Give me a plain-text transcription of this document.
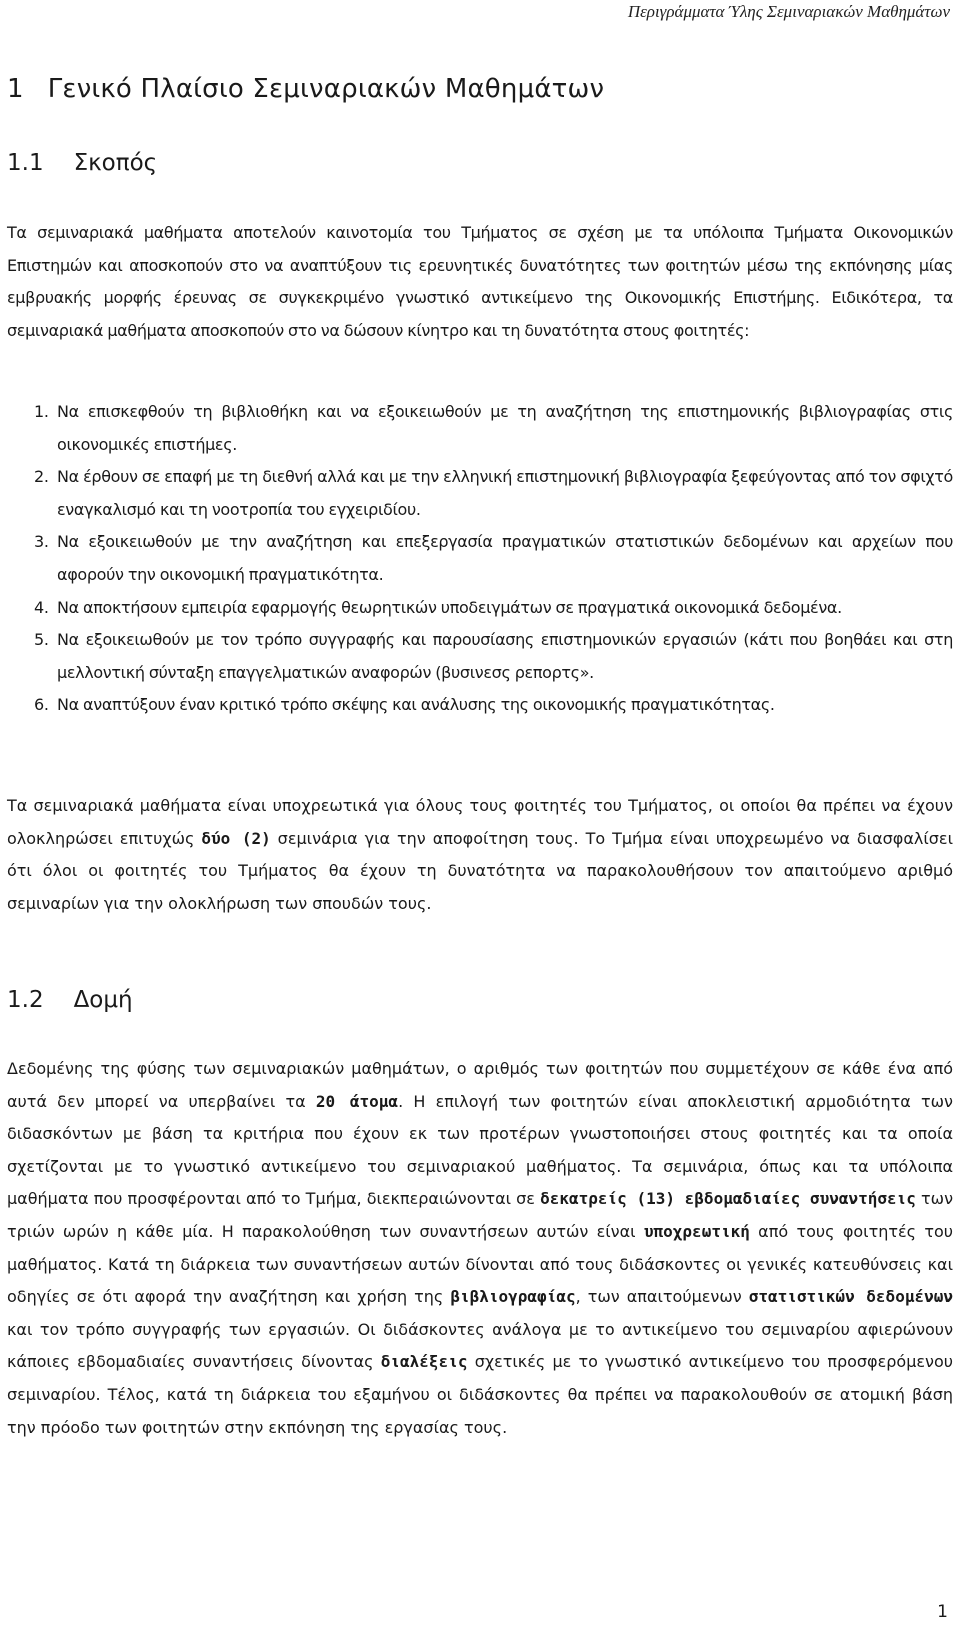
Περιγράμματα Ύλης Σεμιναριακών Μαθημάτων
1 Γενικό Πλαίσιο Σεμιναριακών Μαθημάτων
1.1 Σκοπός

Τα σεμιναριακά μαθήματα αποτελούν καινοτομία του Τμήματος σε σχέση με τα υπόλοιπα Τμήματα Οικονομικών Επιστημών και αποσκοπούν στο να αναπτύξουν τις ερευνητικές δυνατότητες των φοιτητών μέσω της εκπόνησης μίας εμβρυακής μορφής έρευνας σε συγκεκριμένο γνωστικό αντικείμενο της Οικονομικής Επιστήμης. Ειδικότερα, τα σεμιναριακά μαθήματα αποσκοπούν στο να δώσουν κίνητρο και τη δυνατότητα στους φοιτητές:

1. Να επισκεφθούν τη βιβλιοθήκη και να εξοικειωθούν με τη αναζήτηση της επιστημονικής βιβλιογραφίας στις οικονομικές επιστήμες.
2. Να έρθουν σε επαφή με τη διεθνή αλλά και με την ελληνική επιστημονική βιβλιογραφία ξεφεύγοντας από τον σφιχτό εναγκαλισμό και τη νοοτροπία του εγχειριδίου.
3. Να εξοικειωθούν με την αναζήτηση και επεξεργασία πραγματικών στατιστικών δεδομένων και αρχείων που αφορούν την οικονομική πραγματικότητα.
4. Να αποκτήσουν εμπειρία εφαρμογής θεωρητικών υποδειγμάτων σε πραγματικά οικονομικά δεδομένα.
5. Να εξοικειωθούν με τον τρόπο συγγραφής και παρουσίασης επιστημονικών εργασιών (κάτι που βοηθάει και στη μελλοντική σύνταξη επαγγελματικών αναφορών (βυσινεσς ρεπορτς».
6. Να αναπτύξουν έναν κριτικό τρόπο σκέψης και ανάλυσης της οικονομικής πραγματικότητας.

Τα σεμιναριακά μαθήματα είναι υποχρεωτικά για όλους τους φοιτητές του Τμήματος, οι οποίοι θα πρέπει να έχουν ολοκληρώσει επιτυχώς δύο (2) σεμινάρια για την αποφοίτηση τους. Το Τμήμα είναι υποχρεωμένο να διασφαλίσει ότι όλοι οι φοιτητές του Τμήματος θα έχουν τη δυνατότητα να παρακολουθήσουν τον απαιτούμενο αριθμό σεμιναρίων για την ολοκλήρωση των σπουδών τους.

1.2 Δομή

Δεδομένης της φύσης των σεμιναριακών μαθημάτων, ο αριθμός των φοιτητών που συμμετέχουν σε κάθε ένα από αυτά δεν μπορεί να υπερβαίνει τα 20 άτομα. Η επιλογή των φοιτητών είναι αποκλειστική αρμοδιότητα των διδασκόντων με βάση τα κριτήρια που έχουν εκ των προτέρων γνωστοποιήσει στους φοιτητές και τα οποία σχετίζονται με το γνωστικό αντικείμενο του σεμιναριακού μαθήματος. Τα σεμινάρια, όπως και τα υπόλοιπα μαθήματα που προσφέρονται από το Τμήμα, διεκπεραιώνονται σε δεκατρείς (13) εβδομαδιαίες συναντήσεις των τριών ωρών η κάθε μία. Η παρακολούθηση των συναντήσεων αυτών είναι υποχρεωτική από τους φοιτητές του μαθήματος. Κατά τη διάρκεια των συναντήσεων αυτών δίνονται από τους διδάσκοντες οι γενικές κατευθύνσεις και οδηγίες σε ότι αφορά την αναζήτηση και χρήση της βιβλιογραφίας, των απαιτούμενων στατιστικών δεδομένων και τον τρόπο συγγραφής των εργασιών. Οι διδάσκοντες ανάλογα με το αντικείμενο του σεμιναρίου αφιερώνουν κάποιες εβδομαδιαίες συναντήσεις δίνοντας διαλέξεις σχετικές με το γνωστικό αντικείμενο του προσφερόμενου σεμιναρίου. Τέλος, κατά τη διάρκεια του εξαμήνου οι διδάσκοντες θα πρέπει να παρακολουθούν σε ατομική βάση την πρόοδο των φοιτητών στην εκπόνηση της εργασίας τους.

1
